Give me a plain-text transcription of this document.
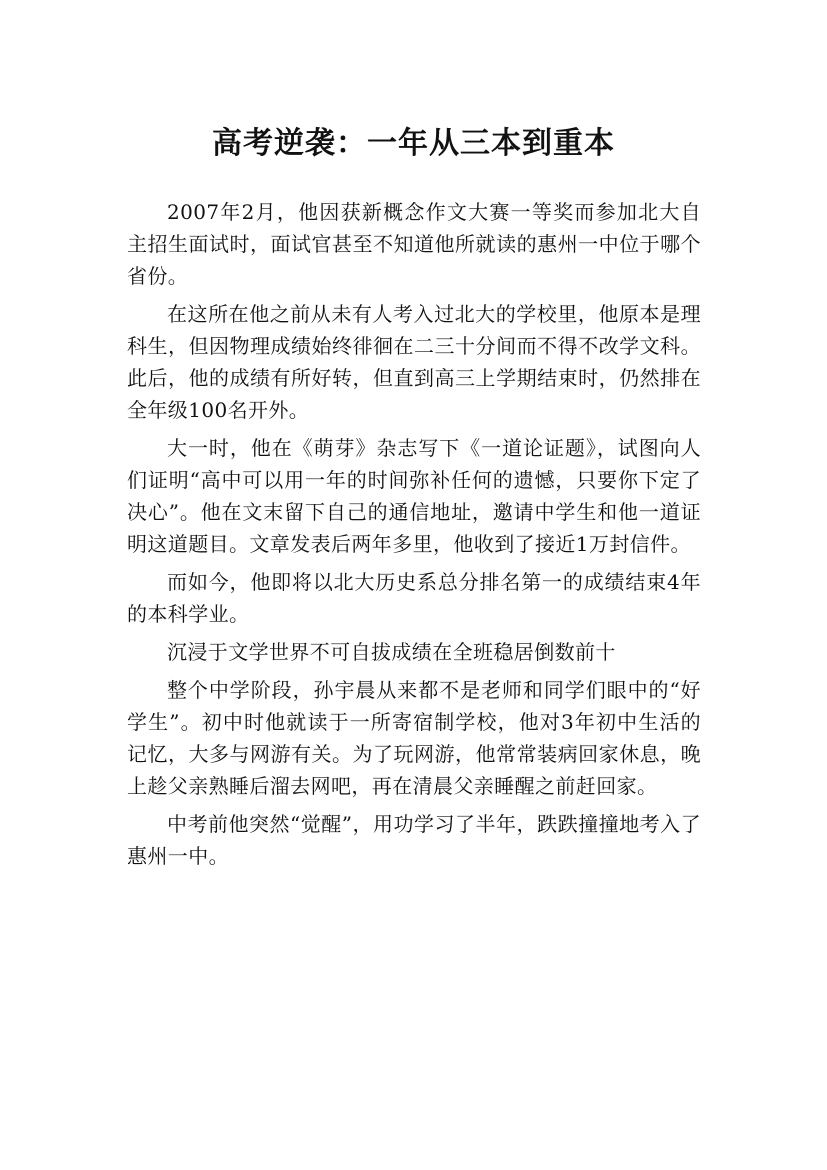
高考逆袭：一年从三本到重本

2007年2月，他因获新概念作文大赛一等奖而参加北大自主招生面试时，面试官甚至不知道他所就读的惠州一中位于哪个省份。

在这所在他之前从未有人考入过北大的学校里，他原本是理科生，但因物理成绩始终徘徊在二三十分间而不得不改学文科。此后，他的成绩有所好转，但直到高三上学期结束时，仍然排在全年级100名开外。

大一时，他在《萌芽》杂志写下《一道论证题》，试图向人们证明“高中可以用一年的时间弥补任何的遗憾，只要你下定了决心”。他在文末留下自己的通信地址，邀请中学生和他一道证明这道题目。文章发表后两年多里，他收到了接近1万封信件。

而如今，他即将以北大历史系总分排名第一的成绩结束4年的本科学业。

沉浸于文学世界不可自拔成绩在全班稳居倒数前十

整个中学阶段，孙宇晨从来都不是老师和同学们眼中的“好学生”。初中时他就读于一所寄宿制学校，他对3年初中生活的记忆，大多与网游有关。为了玩网游，他常常装病回家休息，晚上趁父亲熟睡后溜去网吧，再在清晨父亲睡醒之前赶回家。

中考前他突然“觉醒”，用功学习了半年，跌跌撞撞地考入了惠州一中。
